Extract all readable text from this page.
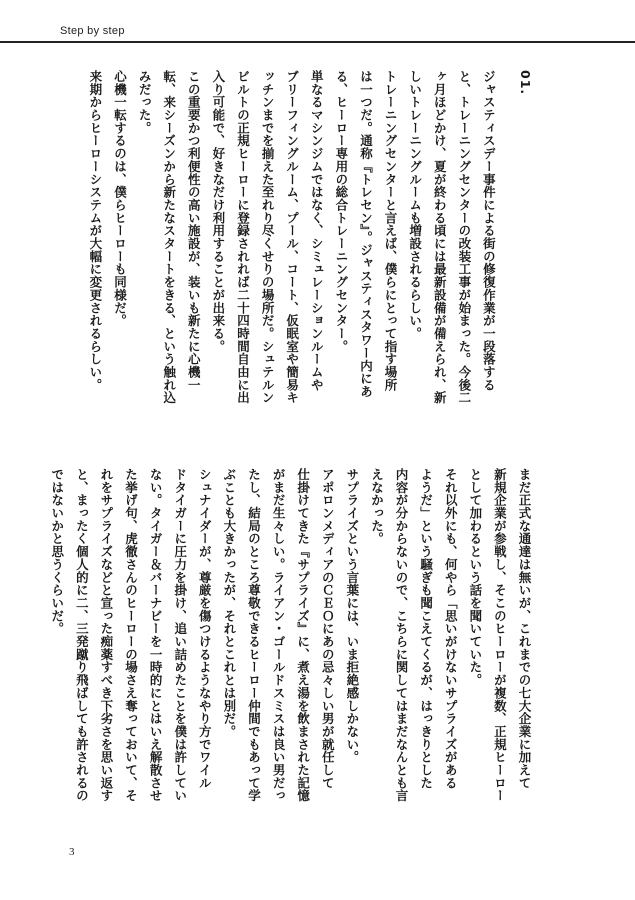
Step by step
01.
ジャスティスデー事件による街の修復作業が一段落する
と、トレーニングセンターの改装工事が始まった。今後二
ヶ月ほどかけ、夏が終わる頃には最新設備が備えられ、新
しいトレーニングルームも増設されるらしい。
トレーニングセンターと言えば、僕らにとって指す場所
は一つだ。通称『トレセン』。ジャスティスタワー内にあ
る、ヒーロー専用の総合トレーニングセンター。
単なるマシンジムではなく、シミュレーションルームや
ブリーフィングルーム、プール、コート、仮眠室や簡易キ
ッチンまでを揃えた至れり尽くせりの場所だ。シュテルン
ビルトの正規ヒーローに登録されれば二十四時間自由に出
入り可能で、好きなだけ利用することが出来る。
この重要かつ利便性の高い施設が、装いも新たに心機一
転、来シーズンから新たなスタートをきる、という触れ込
みだった。
心機一転するのは、僕らヒーローも同様だ。
来期からヒーローシステムが大幅に変更されるらしい。
まだ正式な通達は無いが、これまでの七大企業に加えて
新規企業が参戦し、そこのヒーローが複数、正規ヒーロー
として加わるという話を聞いていた。
それ以外にも、何やら「思いがけないサプライズがある
ようだ」という騒ぎも聞こえてくるが、はっきりとした
内容が分からないので、こちらに関してはまだなんとも言
えなかった。
サプライズという言葉には、いま拒絶感しかない。
アポロンメディアのＣＥＯにあの忌々しい男が就任して
仕掛けてきた『サプライズ』に、煮え湯を飲まされた記憶
がまだ生々しい。ライアン・ゴールドスミスは良い男だっ
たし、結局のところ尊敬できるヒーロー仲間でもあって学
ぶことも大きかったが、それとこれとは別だ。
シュナイダーが、尊厳を傷つけるようなやり方でワイル
ドタイガーに圧力を掛け、追い詰めたことを僕は許してい
ない。タイガー＆バーナビーを一時的にとはいえ解散させ
た挙げ句、虎徹さんのヒーローの場さえ奪っておいて、そ
れをサプライズなどと宣った痴薬すべき下劣さを思い返す
と、まったく個人的に二、三発蹴り飛ばしても許されるの
ではないかと思うくらいだ。
3
